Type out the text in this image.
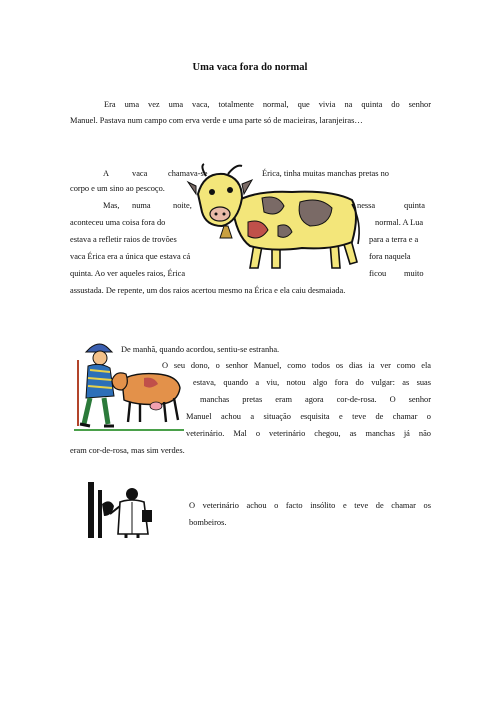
Uma vaca fora do normal
Era uma vez uma vaca, totalmente normal, que vivia na quinta do senhor
Manuel. Pastava num campo com erva verde e uma parte só de macieiras, laranjeiras…
A	vaca chamava-se	Érica, tinha muitas manchas pretas no
corpo e um sino ao pescoço.
Mas, numa	noite,	nessa	quinta
aconteceu uma coisa fora do	normal. A Lua
estava a refletir raios de trovões	para a terra e a
vaca Érica era a única que estava cá	fora naquela
quinta. Ao ver aqueles raios, Érica	ficou muito
assustada. De repente, um dos raios acertou mesmo na Érica e ela caiu desmaiada.
De manhã, quando acordou, sentiu-se estranha.
O seu dono, o senhor Manuel, como todos os dias ia ver como ela
estava, quando a viu, notou algo fora do vulgar: as suas
manchas pretas eram agora cor-de-rosa. O senhor
Manuel achou a situação esquisita e teve de chamar o
veterinário. Mal o veterinário chegou, as manchas já não
eram cor-de-rosa, mas sim verdes.
O veterinário achou o facto insólito e teve de chamar os
bombeiros.
